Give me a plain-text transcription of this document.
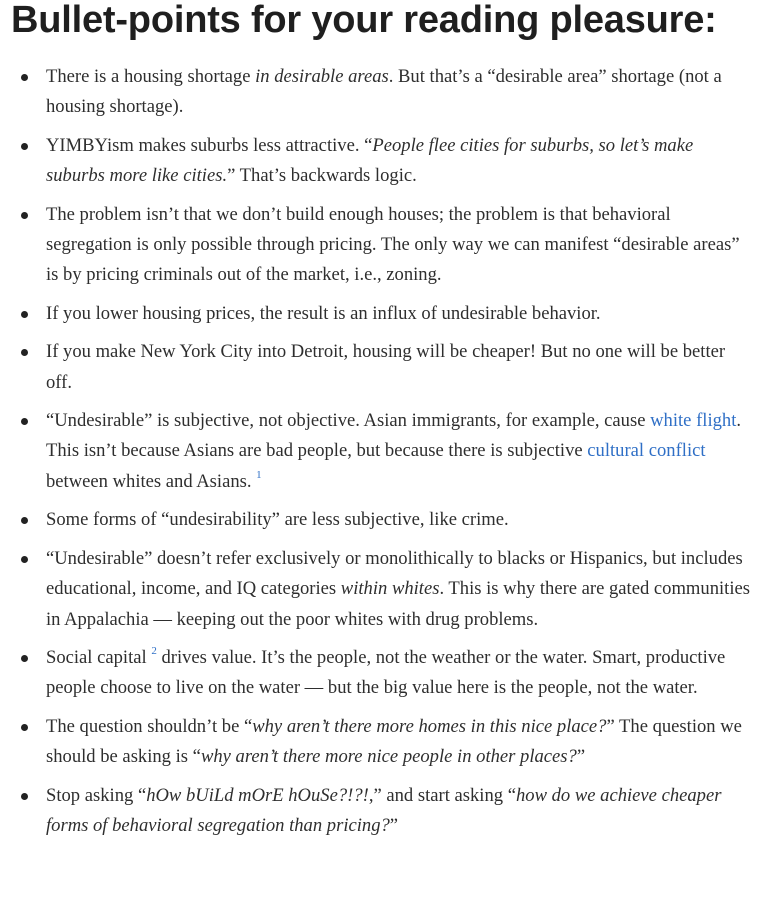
Bullet-points for your reading pleasure:
There is a housing shortage in desirable areas. But that’s a “desirable area” shortage (not a housing shortage).
YIMBYism makes suburbs less attractive. “People flee cities for suburbs, so let’s make suburbs more like cities.” That’s backwards logic.
The problem isn’t that we don’t build enough houses; the problem is that behavioral segregation is only possible through pricing. The only way we can manifest “desirable areas” is by pricing criminals out of the market, i.e., zoning.
If you lower housing prices, the result is an influx of undesirable behavior.
If you make New York City into Detroit, housing will be cheaper! But no one will be better off.
“Undesirable” is subjective, not objective. Asian immigrants, for example, cause white flight. This isn’t because Asians are bad people, but because there is subjective cultural conflict between whites and Asians. $^1$
Some forms of “undesirability” are less subjective, like crime.
“Undesirable” doesn’t refer exclusively or monolithically to blacks or Hispanics, but includes educational, income, and IQ categories within whites. This is why there are gated communities in Appalachia — keeping out the poor whites with drug problems.
Social capital $^2$ drives value. It’s the people, not the weather or the water. Smart, productive people choose to live on the water — but the big value here is the people, not the water.
The question shouldn’t be “why aren’t there more homes in this nice place?” The question we should be asking is “why aren’t there more nice people in other places?”
Stop asking “hOw bUiLd mOrE hOuSe?!?!,” and start asking “how do we achieve cheaper forms of behavioral segregation than pricing?”
